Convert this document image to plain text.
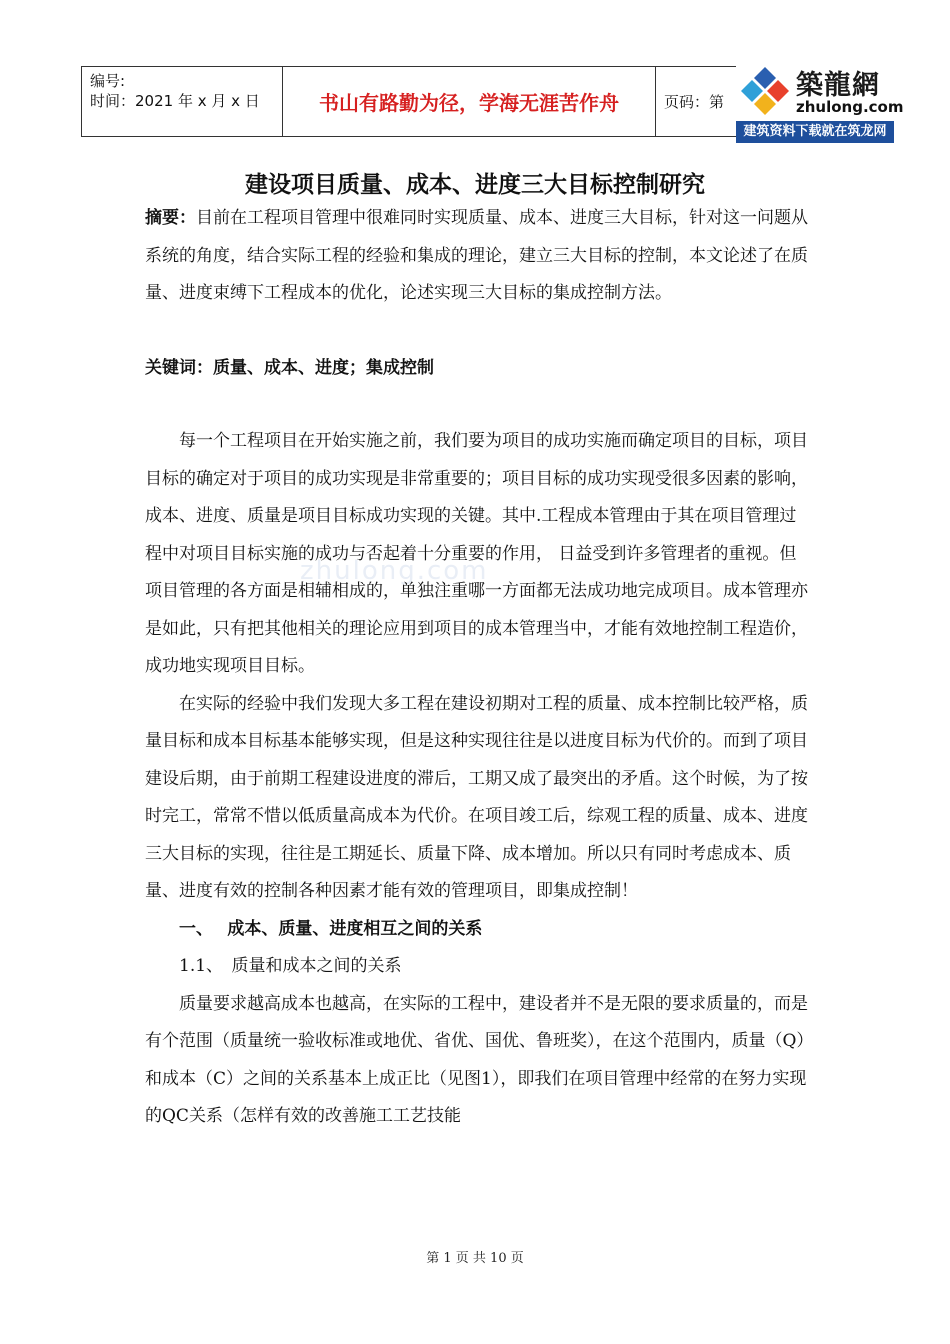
编号:
时间：2021 年 x 月 x 日	书山有路勤为径，学海无涯苦作舟	页码：第
築龍網
zhulong.com
建筑资料下载就在筑龙网
zhulong.com
建设项目质量、成本、进度三大目标控制研究
摘要：目前在工程项目管理中很难同时实现质量、成本、进度三大目标，针对这一问题从系统的角度，结合实际工程的经验和集成的理论，建立三大目标的控制，本文论述了在质量、进度束缚下工程成本的优化，论述实现三大目标的集成控制方法。
关键词：质量、成本、进度；集成控制

每一个工程项目在开始实施之前，我们要为项目的成功实施而确定项目的目标，项目目标的确定对于项目的成功实现是非常重要的；项目目标的成功实现受很多因素的影响，成本、进度、质量是项目目标成功实现的关键。其中.工程成本管理由于其在项目管理过程中对项目目标实施的成功与否起着十分重要的作用， 日益受到许多管理者的重视。但项目管理的各方面是相辅相成的，单独注重哪一方面都无法成功地完成项目。成本管理亦是如此，只有把其他相关的理论应用到项目的成本管理当中，才能有效地控制工程造价，成功地实现项目目标。

在实际的经验中我们发现大多工程在建设初期对工程的质量、成本控制比较严格，质量目标和成本目标基本能够实现，但是这种实现往往是以进度目标为代价的。而到了项目建设后期，由于前期工程建设进度的滞后，工期又成了最突出的矛盾。这个时候，为了按时完工，常常不惜以低质量高成本为代价。在项目竣工后，综观工程的质量、成本、进度三大目标的实现，往往是工期延长、质量下降、成本增加。所以只有同时考虑成本、质量、进度有效的控制各种因素才能有效的管理项目，即集成控制！

一、　 成本、质量、进度相互之间的关系
1.1、　质量和成本之间的关系

质量要求越高成本也越高，在实际的工程中，建设者并不是无限的要求质量的，而是有个范围（质量统一验收标准或地优、省优、国优、鲁班奖），在这个范围内，质量（Q）和成本（C）之间的关系基本上成正比（见图1），即我们在项目管理中经常的在努力实现的QC关系（怎样有效的改善施工工艺技能

第 1 页 共 10 页
